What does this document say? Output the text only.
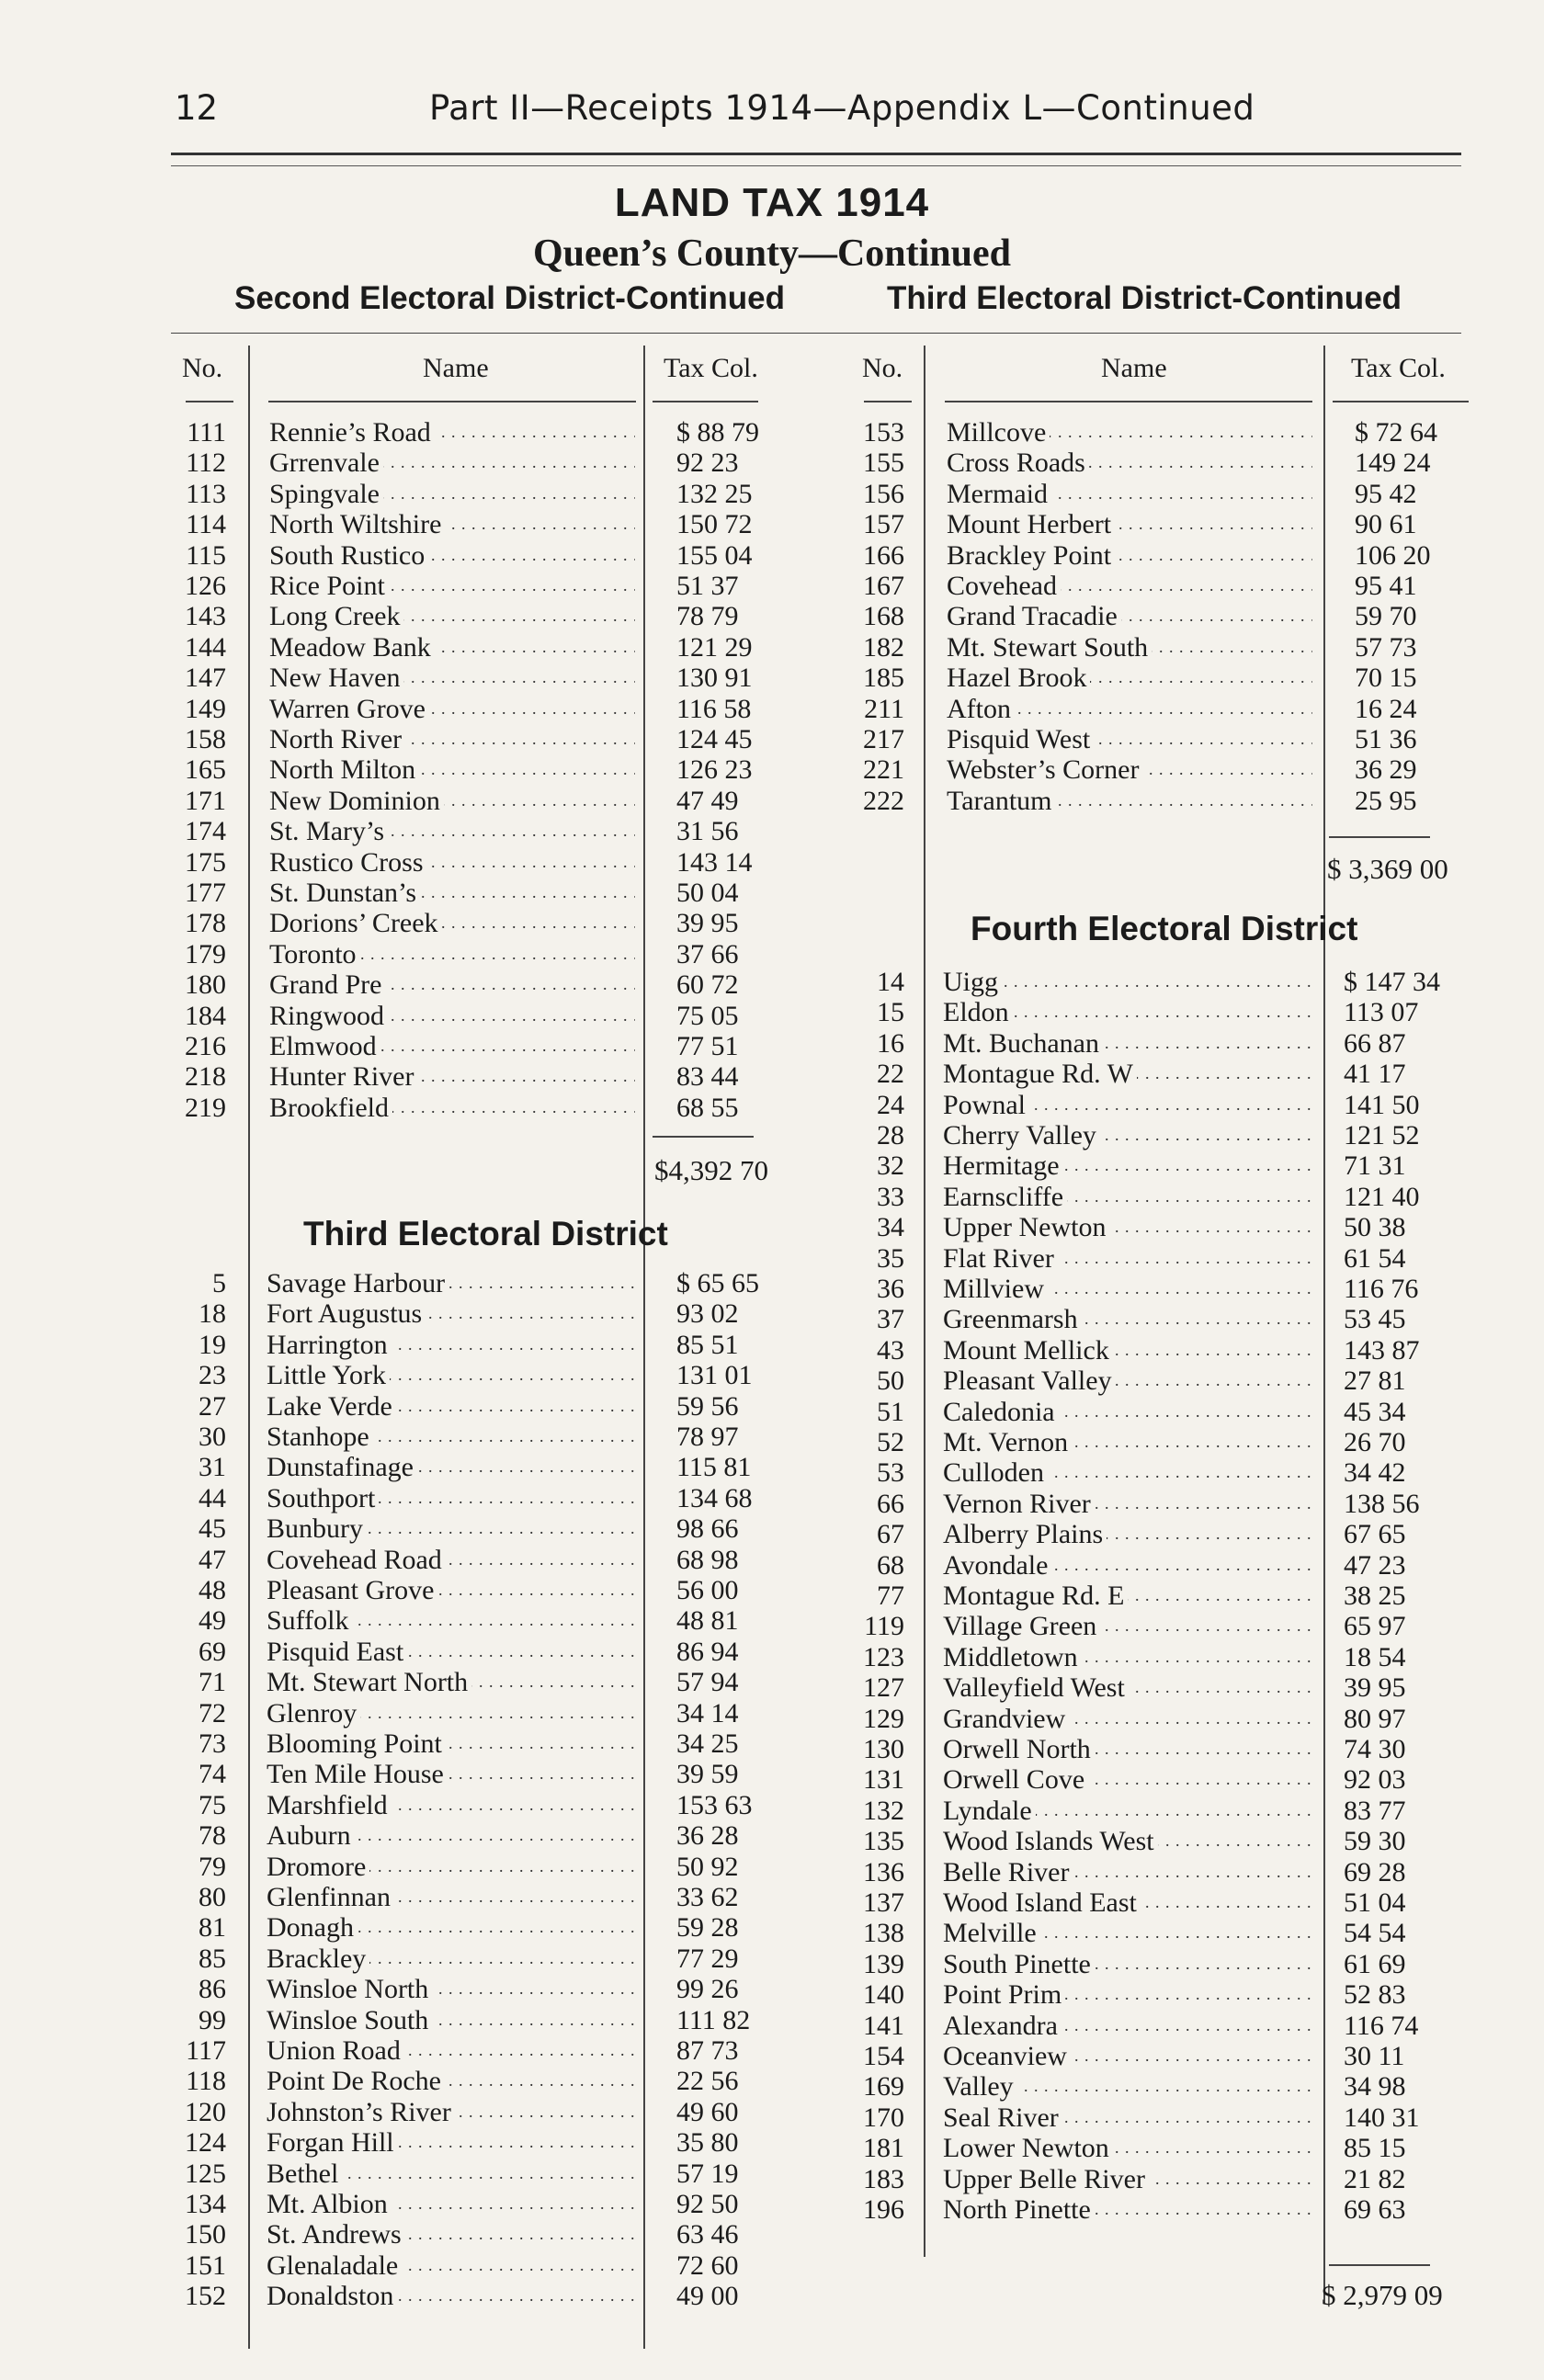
12	Part II—Receipts 1914—Appendix L—Continued
LAND TAX 1914
Queen’s County—Continued
Second Electoral District-Continued	Third Electoral District-Continued
No.	Name	Tax Col.	No.	Name	Tax Col.
111 Rennie’s Road . . .	$ 88 79
112 Grrenvale . . .	92 23
113 Spingvale . . .	132 25
114 North Wiltshire . . .	150 72
115 South Rustico . . .	155 04
126 Rice Point . . .	51 37
143 Long Creek . . .	78 79
144 Meadow Bank . . .	121 29
147 New Haven . . .	130 91
149 Warren Grove . . .	116 58
158 North River . . .	124 45
165 North Milton . . .	126 23
171 New Dominion . . .	47 49
174 St. Mary’s . . .	31 56
175 Rustico Cross . . .	143 14
177 St. Dunstan’s . . .	50 04
178 Dorions’ Creek . . .	39 95
179 Toronto . . .	37 66
180 Grand Pre . . .	60 72
184 Ringwood . . .	75 05
216 Elmwood . . .	77 51
218 Hunter River . . .	83 44
219 Brookfield . . .	68 55
$4,392 70
Third Electoral District
5 Savage Harbour . . .	$ 65 65
18 Fort Augustus . . .	93 02
19 Harrington . . .	85 51
23 Little York . . .	131 01
27 Lake Verde . . .	59 56
30 Stanhope . . .	78 97
31 Dunstafinage . . .	115 81
44 Southport . . .	134 68
45 Bunbury . . .	98 66
47 Covehead Road . . .	68 98
48 Pleasant Grove . . .	56 00
49 Suffolk . . .	48 81
69 Pisquid East . . .	86 94
71 Mt. Stewart North . . .	57 94
72 Glenroy . . .	34 14
73 Blooming Point . . .	34 25
74 Ten Mile House . . .	39 59
75 Marshfield . . .	153 63
78 Auburn . . .	36 28
79 Dromore . . .	50 92
80 Glenfinnan . . .	33 62
81 Donagh . . .	59 28
85 Brackley . . .	77 29
86 Winsloe North . . .	99 26
99 Winsloe South . . .	111 82
117 Union Road . . .	87 73
118 Point De Roche . . .	22 56
120 Johnston’s River . . .	49 60
124 Forgan Hill . . .	35 80
125 Bethel . . .	57 19
134 Mt. Albion . . .	92 50
150 St. Andrews . . .	63 46
151 Glenaladale . . .	72 60
152 Donaldston . . .	49 00
153 Millcove . . .	$ 72 64
155 Cross Roads . . .	149 24
156 Mermaid . . .	95 42
157 Mount Herbert . . .	90 61
166 Brackley Point . . .	106 20
167 Covehead . . .	95 41
168 Grand Tracadie . . .	59 70
182 Mt. Stewart South . . .	57 73
185 Hazel Brook . . .	70 15
211 Afton . . .	16 24
217 Pisquid West . . .	51 36
221 Webster’s Corner . . .	36 29
222 Tarantum . . .	25 95
$ 3,369 00
Fourth Electoral District
14 Uigg . . .	$ 147 34
15 Eldon . . .	113 07
16 Mt. Buchanan . . .	66 87
22 Montague Rd. W . . .	41 17
24 Pownal . . .	141 50
28 Cherry Valley . . .	121 52
32 Hermitage . . .	71 31
33 Earnscliffe . . .	121 40
34 Upper Newton . . .	50 38
35 Flat River . . .	61 54
36 Millview . . .	116 76
37 Greenmarsh . . .	53 45
43 Mount Mellick . . .	143 87
50 Pleasant Valley . . .	27 81
51 Caledonia . . .	45 34
52 Mt. Vernon . . .	26 70
53 Culloden . . .	34 42
66 Vernon River . . .	138 56
67 Alberry Plains . . .	67 65
68 Avondale . . .	47 23
77 Montague Rd. E . . .	38 25
119 Village Green . . .	65 97
123 Middletown . . .	18 54
127 Valleyfield West . . .	39 95
129 Grandview . . .	80 97
130 Orwell North . . .	74 30
131 Orwell Cove . . .	92 03
132 Lyndale . . .	83 77
135 Wood Islands West . . .	59 30
136 Belle River . . .	69 28
137 Wood Island East . . .	51 04
138 Melville . . .	54 54
139 South Pinette . . .	61 69
140 Point Prim . . .	52 83
141 Alexandra . . .	116 74
154 Oceanview . . .	30 11
169 Valley . . .	34 98
170 Seal River . . .	140 31
181 Lower Newton . . .	85 15
183 Upper Belle River . . .	21 82
196 North Pinette . . .	69 63
$ 2,979 09
